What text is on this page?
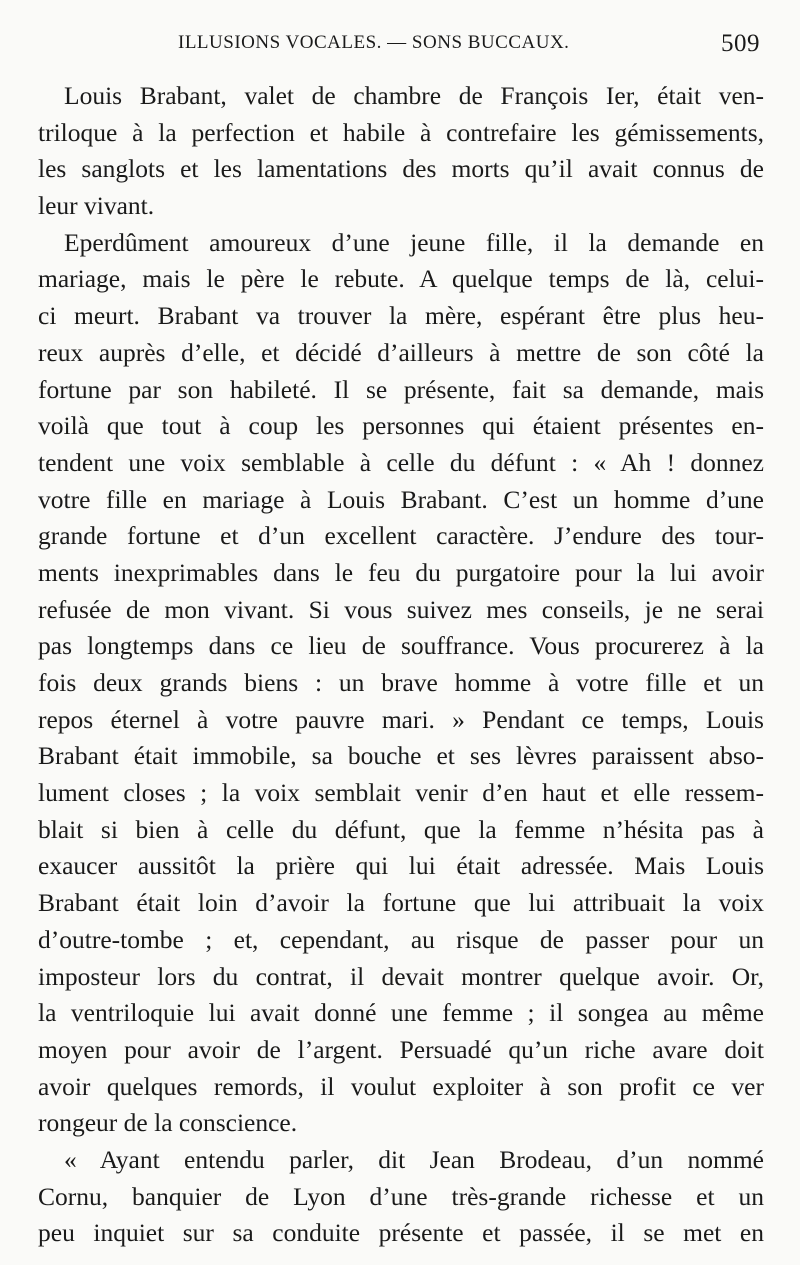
ILLUSIONS VOCALES. — SONS BUCCAUX.	509
Louis Brabant, valet de chambre de François Ier, était ven-
triloque à la perfection et habile à contrefaire les gémissements,
les sanglots et les lamentations des morts qu’il avait connus de
leur vivant.
Eperdûment amoureux d’une jeune fille, il la demande en
mariage, mais le père le rebute. A quelque temps de là, celui-
ci meurt. Brabant va trouver la mère, espérant être plus heu-
reux auprès d’elle, et décidé d’ailleurs à mettre de son côté la
fortune par son habileté. Il se présente, fait sa demande, mais
voilà que tout à coup les personnes qui étaient présentes en-
tendent une voix semblable à celle du défunt : « Ah ! donnez
votre fille en mariage à Louis Brabant. C’est un homme d’une
grande fortune et d’un excellent caractère. J’endure des tour-
ments inexprimables dans le feu du purgatoire pour la lui avoir
refusée de mon vivant. Si vous suivez mes conseils, je ne serai
pas longtemps dans ce lieu de souffrance. Vous procurerez à la
fois deux grands biens : un brave homme à votre fille et un
repos éternel à votre pauvre mari. » Pendant ce temps, Louis
Brabant était immobile, sa bouche et ses lèvres paraissent abso-
lument closes ; la voix semblait venir d’en haut et elle ressem-
blait si bien à celle du défunt, que la femme n’hésita pas à
exaucer aussitôt la prière qui lui était adressée. Mais Louis
Brabant était loin d’avoir la fortune que lui attribuait la voix
d’outre-tombe ; et, cependant, au risque de passer pour un
imposteur lors du contrat, il devait montrer quelque avoir. Or,
la ventriloquie lui avait donné une femme ; il songea au même
moyen pour avoir de l’argent. Persuadé qu’un riche avare doit
avoir quelques remords, il voulut exploiter à son profit ce ver
rongeur de la conscience.
« Ayant entendu parler, dit Jean Brodeau, d’un nommé
Cornu, banquier de Lyon d’une très-grande richesse et un
peu inquiet sur sa conduite présente et passée, il se met en
